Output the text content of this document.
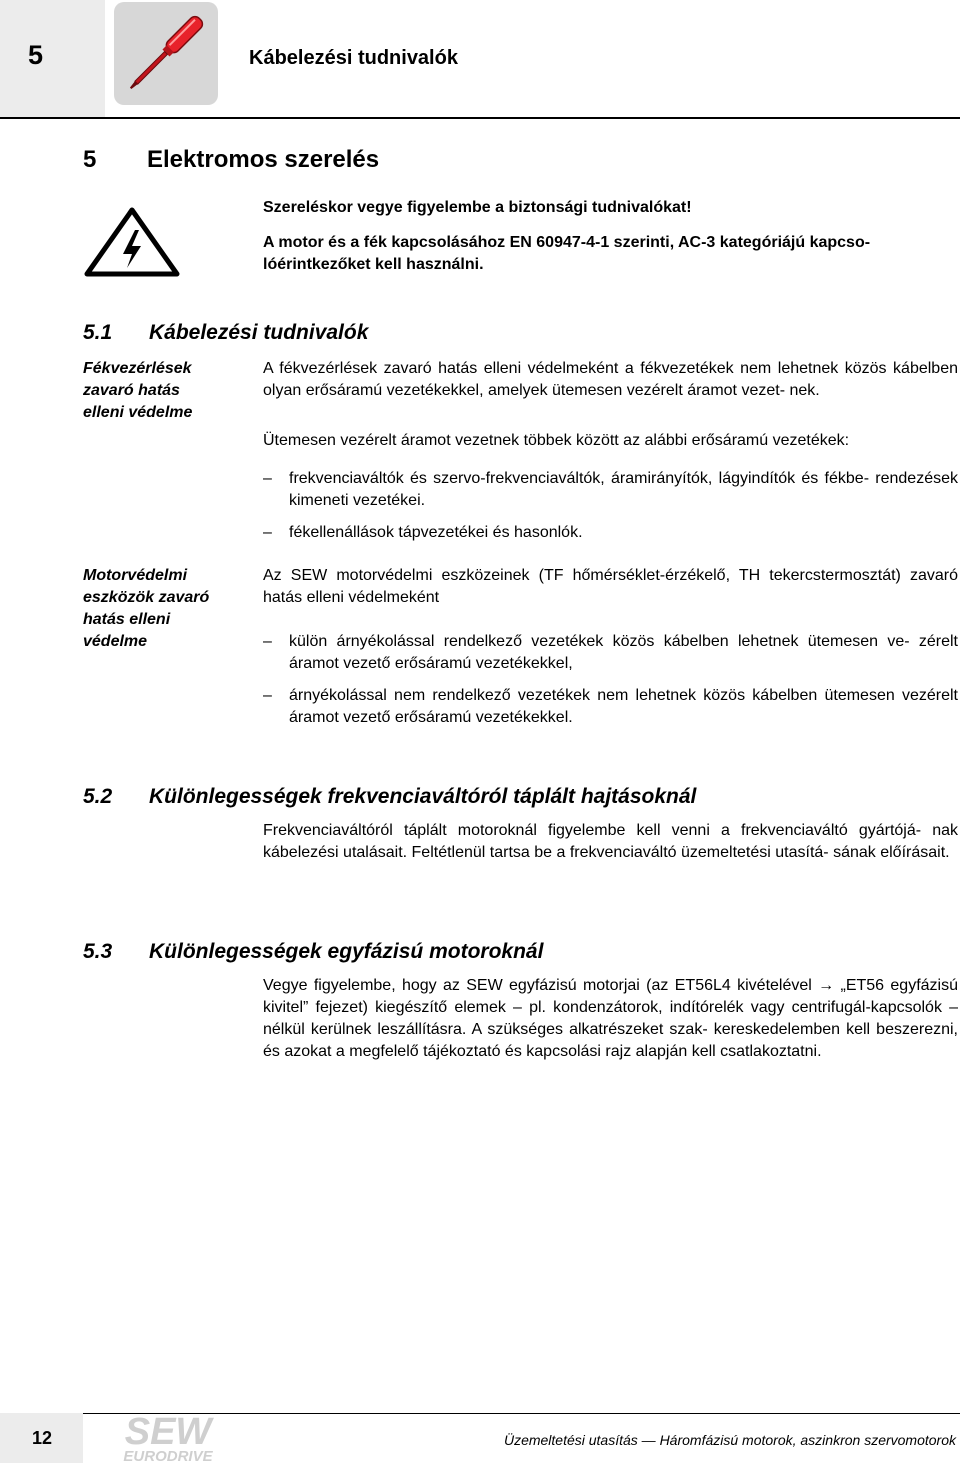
5	Kábelezési tudnivalók
5 Elektromos szerelés
Szereléskor vegye figyelembe a biztonsági tudnivalókat!
A motor és a fék kapcsolásához EN 60947-4-1 szerinti, AC-3 kategóriájú kapcso- lóérintkezőket kell használni.
5.1 Kábelezési tudnivalók
Fékvezérlések zavaró hatás elleni védelme
A fékvezérlések zavaró hatás elleni védelmeként a fékvezetékek nem lehetnek közös kábelben olyan erősáramú vezetékekkel, amelyek ütemesen vezérelt áramot vezet- nek.
Ütemesen vezérelt áramot vezetnek többek között az alábbi erősáramú vezetékek:
– frekvenciaváltók és szervo-frekvenciaváltók, áramirányítók, lágyindítók és fékbe- rendezések kimeneti vezetékei.
– fékellenállások tápvezetékei és hasonlók.
Motorvédelmi eszközök zavaró hatás elleni védelme
Az SEW motorvédelmi eszközeinek (TF hőmérséklet-érzékelő, TH tekercstermosztát) zavaró hatás elleni védelmeként
– külön árnyékolással rendelkező vezetékek közös kábelben lehetnek ütemesen ve- zérelt áramot vezető erősáramú vezetékekkel,
– árnyékolással nem rendelkező vezetékek nem lehetnek közös kábelben ütemesen vezérelt áramot vezető erősáramú vezetékekkel.
5.2 Különlegességek frekvenciaváltóról táplált hajtásoknál
Frekvenciaváltóról táplált motoroknál figyelembe kell venni a frekvenciaváltó gyártójá- nak kábelezési utalásait. Feltétlenül tartsa be a frekvenciaváltó üzemeltetési utasítá- sának előírásait.
5.3 Különlegességek egyfázisú motoroknál
Vegye figyelembe, hogy az SEW egyfázisú motorjai (az ET56L4 kivételével → „ET56 egyfázisú kivitel” fejezet) kiegészítő elemek – pl. kondenzátorok, indítórelék vagy centrifugál-kapcsolók – nélkül kerülnek leszállításra. A szükséges alkatrészeket szak- kereskedelemben kell beszerezni, és azokat a megfelelő tájékoztató és kapcsolási rajz alapján kell csatlakoztatni.
12 SEW
EURODRIVE
Üzemeltetési utasítás — Háromfázisú motorok, aszinkron szervomotorok
